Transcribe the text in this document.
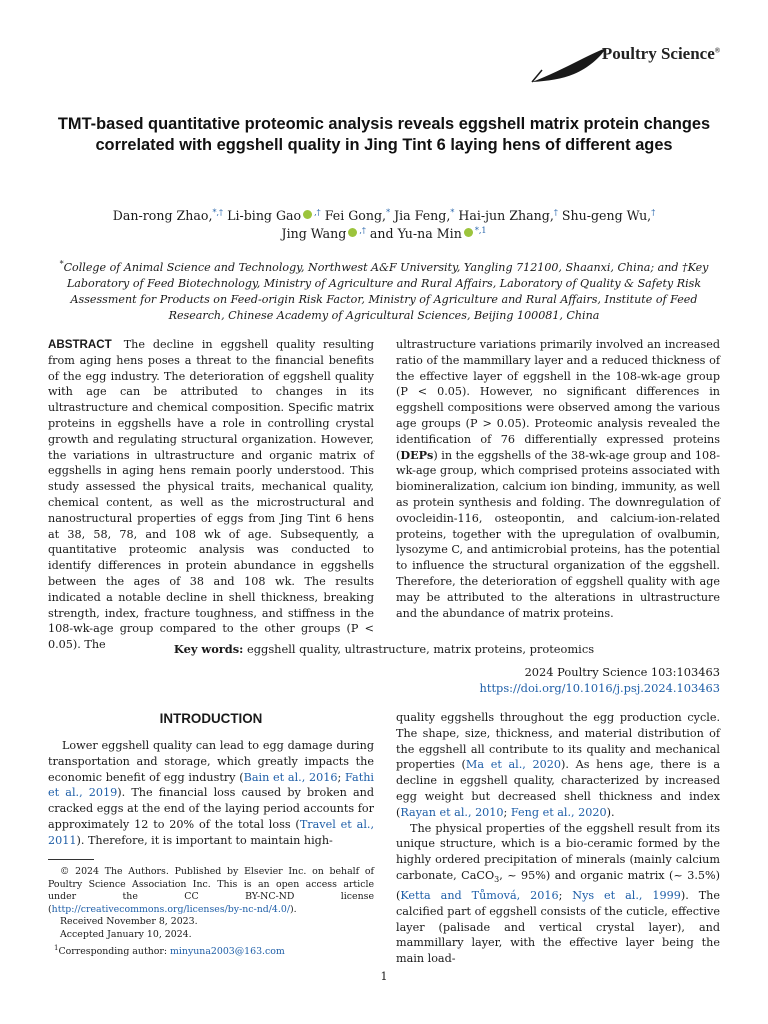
Poultry Science®
TMT-based quantitative proteomic analysis reveals eggshell matrix protein changes correlated with eggshell quality in Jing Tint 6 laying hens of different ages
Dan-rong Zhao,*,† Li-bing Gao ,† Fei Gong,* Jia Feng,* Hai-jun Zhang,† Shu-geng Wu,†
Jing Wang ,† and Yu-na Min $^{*,1}$
*College of Animal Science and Technology, Northwest A&F University, Yangling 712100, Shaanxi, China; and †Key Laboratory of Feed Biotechnology, Ministry of Agriculture and Rural Affairs, Laboratory of Quality & Safety Risk Assessment for Products on Feed-origin Risk Factor, Ministry of Agriculture and Rural Affairs, Institute of Feed Research, Chinese Academy of Agricultural Sciences, Beijing 100081, China
ABSTRACT The decline in eggshell quality resulting from aging hens poses a threat to the financial benefits of the egg industry. The deterioration of eggshell quality with age can be attributed to changes in its ultrastructure and chemical composition. Specific matrix proteins in eggshells have a role in controlling crystal growth and regulating structural organization. However, the variations in ultrastructure and organic matrix of eggshells in aging hens remain poorly understood. This study assessed the physical traits, mechanical quality, chemical content, as well as the microstructural and nanostructural properties of eggs from Jing Tint 6 hens at 38, 58, 78, and 108 wk of age. Subsequently, a quantitative proteomic analysis was conducted to identify differences in protein abundance in eggshells between the ages of 38 and 108 wk. The results indicated a notable decline in shell thickness, breaking strength, index, fracture toughness, and stiffness in the 108-wk-age group compared to the other groups (P < 0.05). The
ultrastructure variations primarily involved an increased ratio of the mammillary layer and a reduced thickness of the effective layer of eggshell in the 108-wk-age group (P < 0.05). However, no significant differences in eggshell compositions were observed among the various age groups (P > 0.05). Proteomic analysis revealed the identification of 76 differentially expressed proteins (DEPs) in the eggshells of the 38-wk-age group and 108-wk-age group, which comprised proteins associated with biomineralization, calcium ion binding, immunity, as well as protein synthesis and folding. The downregulation of ovocleidin-116, osteopontin, and calcium-ion-related proteins, together with the upregulation of ovalbumin, lysozyme C, and antimicrobial proteins, has the potential to influence the structural organization of the eggshell. Therefore, the deterioration of eggshell quality with age may be attributed to the alterations in ultrastructure and the abundance of matrix proteins.
Key words: eggshell quality, ultrastructure, matrix proteins, proteomics
2024 Poultry Science 103:103463
https://doi.org/10.1016/j.psj.2024.103463
INTRODUCTION

Lower eggshell quality can lead to egg damage during transportation and storage, which greatly impacts the economic benefit of egg industry (Bain et al., 2016; Fathi et al., 2019). The financial loss caused by broken and cracked eggs at the end of the laying period accounts for approximately 12 to 20% of the total loss (Travel et al., 2011). Therefore, it is important to maintain high-

quality eggshells throughout the egg production cycle. The shape, size, thickness, and material distribution of the eggshell all contribute to its quality and mechanical properties (Ma et al., 2020). As hens age, there is a decline in eggshell quality, characterized by increased egg weight but decreased shell thickness and index (Rayan et al., 2010; Feng et al., 2020).

The physical properties of the eggshell result from its unique structure, which is a bio-ceramic formed by the highly ordered precipitation of minerals (mainly calcium carbonate, CaCO$_3$, ~ 95%) and organic matrix (~ 3.5%) (Ketta and Tůmová, 2016; Nys et al., 1999). The calcified part of eggshell consists of the cuticle, effective layer (palisade and vertical crystal layer), and mammillary layer, with the effective layer being the main load-

© 2024 The Authors. Published by Elsevier Inc. on behalf of Poultry Science Association Inc. This is an open access article under the CC BY-NC-ND license (http://creativecommons.org/licenses/by-nc-nd/4.0/).
Received November 8, 2023.
Accepted January 10, 2024.
$^1$Corresponding author: minyuna2003@163.com
1
